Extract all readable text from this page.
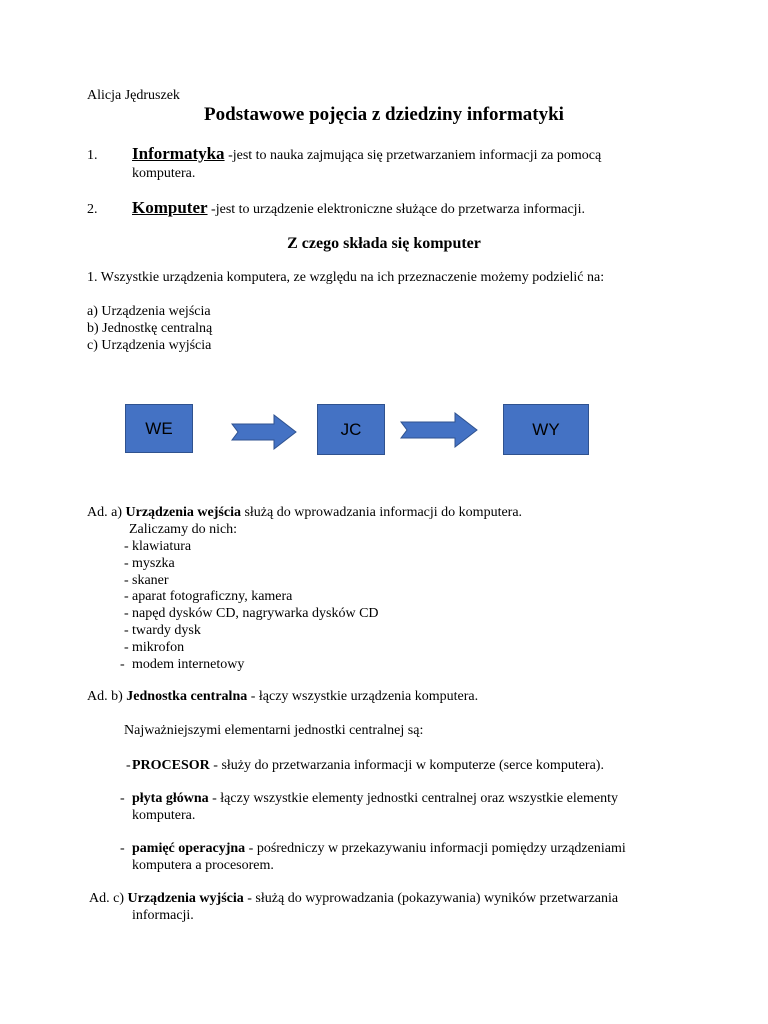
Alicja Jędruszek
Podstawowe pojęcia z dziedziny informatyki
1. Informatyka -jest to nauka zajmująca się przetwarzaniem informacji za pomocą
komputera.
2. Komputer -jest to urządzenie elektroniczne służące do przetwarza informacji.
Z czego składa się komputer
1. Wszystkie urządzenia komputera, ze względu na ich przeznaczenie możemy podzielić na:
a) Urządzenia wejścia
b) Jednostkę centralną
c) Urządzenia wyjścia
WE	JC	WY
Ad. a) Urządzenia wejścia służą do wprowadzania informacji do komputera.
Zaliczamy do nich:
- klawiatura
- myszka
- skaner
- aparat fotograficzny, kamera
- napęd dysków CD, nagrywarka dysków CD
- twardy dysk
- mikrofon
- modem internetowy
Ad. b) Jednostka centralna - łączy wszystkie urządzenia komputera.
Najważniejszymi elementarni jednostki centralnej są:
- PROCESOR - służy do przetwarzania informacji w komputerze (serce komputera).
- płyta główna - łączy wszystkie elementy jednostki centralnej oraz wszystkie elementy
komputera.
- pamięć operacyjna - pośredniczy w przekazywaniu informacji pomiędzy urządzeniami
komputera a procesorem.
Ad. c) Urządzenia wyjścia - służą do wyprowadzania (pokazywania) wyników przetwarzania
informacji.
